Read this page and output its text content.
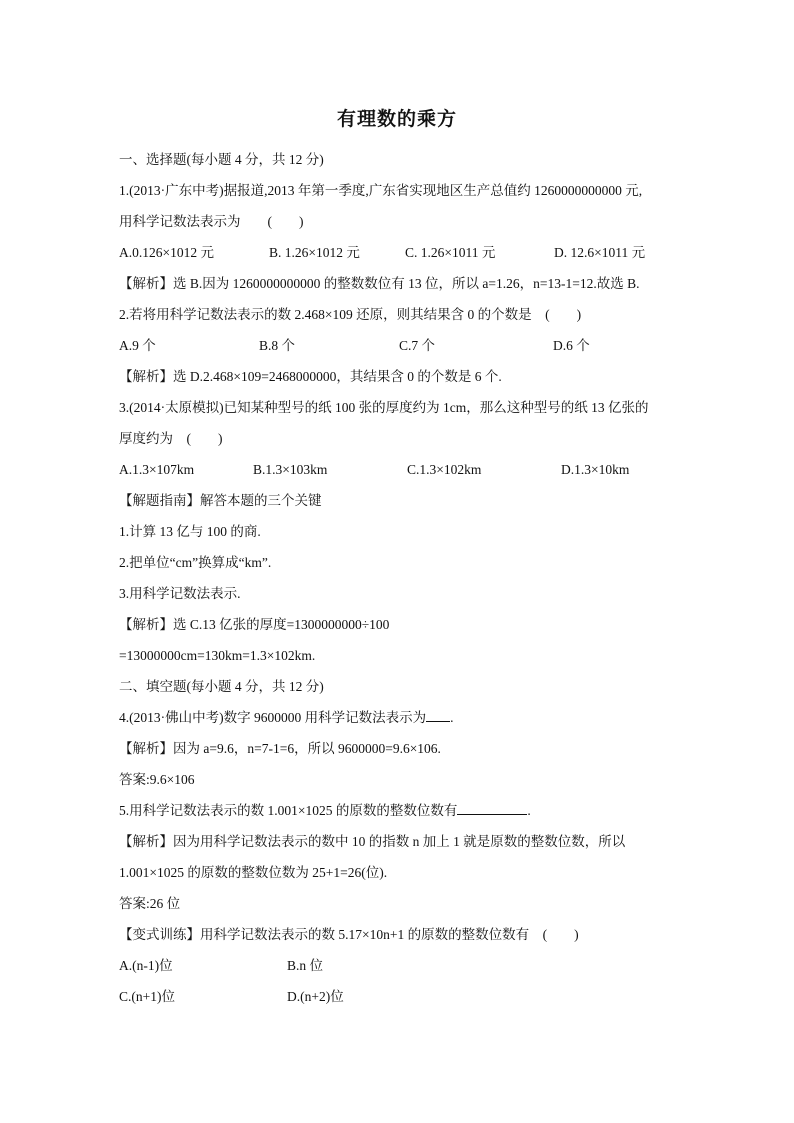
有理数的乘方
一、选择题(每小题 4 分，共 12 分)
1.(2013·广东中考)据报道,2013 年第一季度,广东省实现地区生产总值约 1260000000000 元,
用科学记数法表示为　　(　　)
A.0.126×1012 元	B. 1.26×1012 元	C. 1.26×1011 元	D. 12.6×1011 元
【解析】选 B.因为 1260000000000 的整数数位有 13 位，所以 a=1.26，n=13-1=12.故选 B.
2.若将用科学记数法表示的数 2.468×109 还原，则其结果含 0 的个数是　(　　)
A.9 个	B.8 个	C.7 个	D.6 个
【解析】选 D.2.468×109=2468000000，其结果含 0 的个数是 6 个.
3.(2014·太原模拟)已知某种型号的纸 100 张的厚度约为 1cm，那么这种型号的纸 13 亿张的
厚度约为　(　　)
A.1.3×107km	B.1.3×103km	C.1.3×102km	D.1.3×10km
【解题指南】解答本题的三个关键
1.计算 13 亿与 100 的商.
2.把单位“cm”换算成“km”.
3.用科学记数法表示.
【解析】选 C.13 亿张的厚度=1300000000÷100
=13000000cm=130km=1.3×102km.
二、填空题(每小题 4 分，共 12 分)
4.(2013·佛山中考)数字 9600000 用科学记数法表示为 .
【解析】因为 a=9.6，n=7-1=6，所以 9600000=9.6×106.
答案:9.6×106
5.用科学记数法表示的数 1.001×1025 的原数的整数位数有	.
【解析】因为用科学记数法表示的数中 10 的指数 n 加上 1 就是原数的整数位数，所以
1.001×1025 的原数的整数位数为 25+1=26(位).
答案:26 位
【变式训练】用科学记数法表示的数 5.17×10n+1 的原数的整数位数有　(　　)
A.(n-1)位	B.n 位
C.(n+1)位	D.(n+2)位
